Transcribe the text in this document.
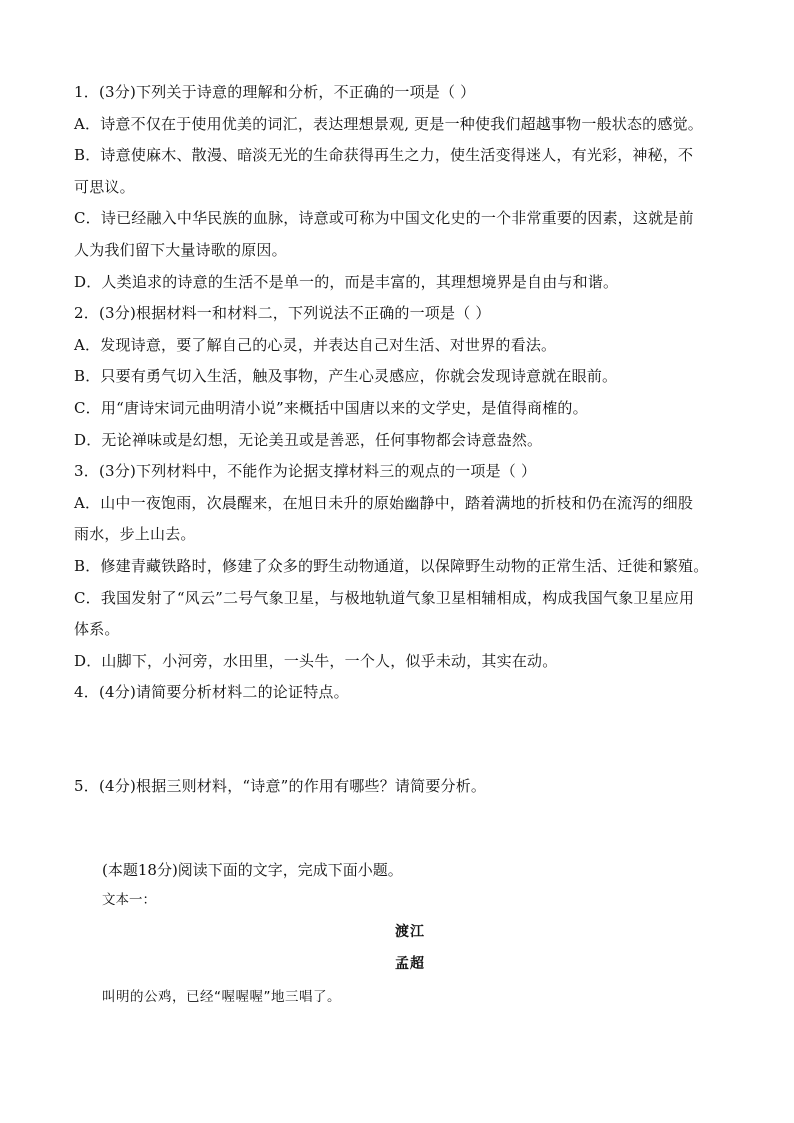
1．(3分)下列关于诗意的理解和分析，不正确的一项是（ ）
A．诗意不仅在于使用优美的词汇，表达理想景观, 更是一种使我们超越事物一般状态的感觉。
B．诗意使麻木、散漫、暗淡无光的生命获得再生之力，使生活变得迷人，有光彩，神秘，不
可思议。
C．诗已经融入中华民族的血脉，诗意或可称为中国文化史的一个非常重要的因素，这就是前
人为我们留下大量诗歌的原因。
D．人类追求的诗意的生活不是单一的，而是丰富的，其理想境界是自由与和谐。
2．(3分)根据材料一和材料二，下列说法不正确的一项是（ ）
A．发现诗意，要了解自己的心灵，并表达自己对生活、对世界的看法。
B．只要有勇气切入生活，触及事物，产生心灵感应，你就会发现诗意就在眼前。
C．用“唐诗宋词元曲明清小说”来概括中国唐以来的文学史，是值得商榷的。
D．无论禅味或是幻想，无论美丑或是善恶，任何事物都会诗意盎然。
3．(3分)下列材料中，不能作为论据支撑材料三的观点的一项是（ ）
A．山中一夜饱雨，次晨醒来，在旭日未升的原始幽静中，踏着满地的折枝和仍在流泻的细股
雨水，步上山去。
B．修建青藏铁路时，修建了众多的野生动物通道，以保障野生动物的正常生活、迁徙和繁殖。
C．我国发射了“风云”二号气象卫星，与极地轨道气象卫星相辅相成，构成我国气象卫星应用
体系。
D．山脚下，小河旁，水田里，一头牛，一个人，似乎未动，其实在动。
4．(4分)请简要分析材料二的论证特点。
5．(4分)根据三则材料，“诗意”的作用有哪些？请简要分析。
(本题18分)阅读下面的文字，完成下面小题。
文本一：
渡江
孟超
叫明的公鸡，已经“喔喔喔”地三唱了。
